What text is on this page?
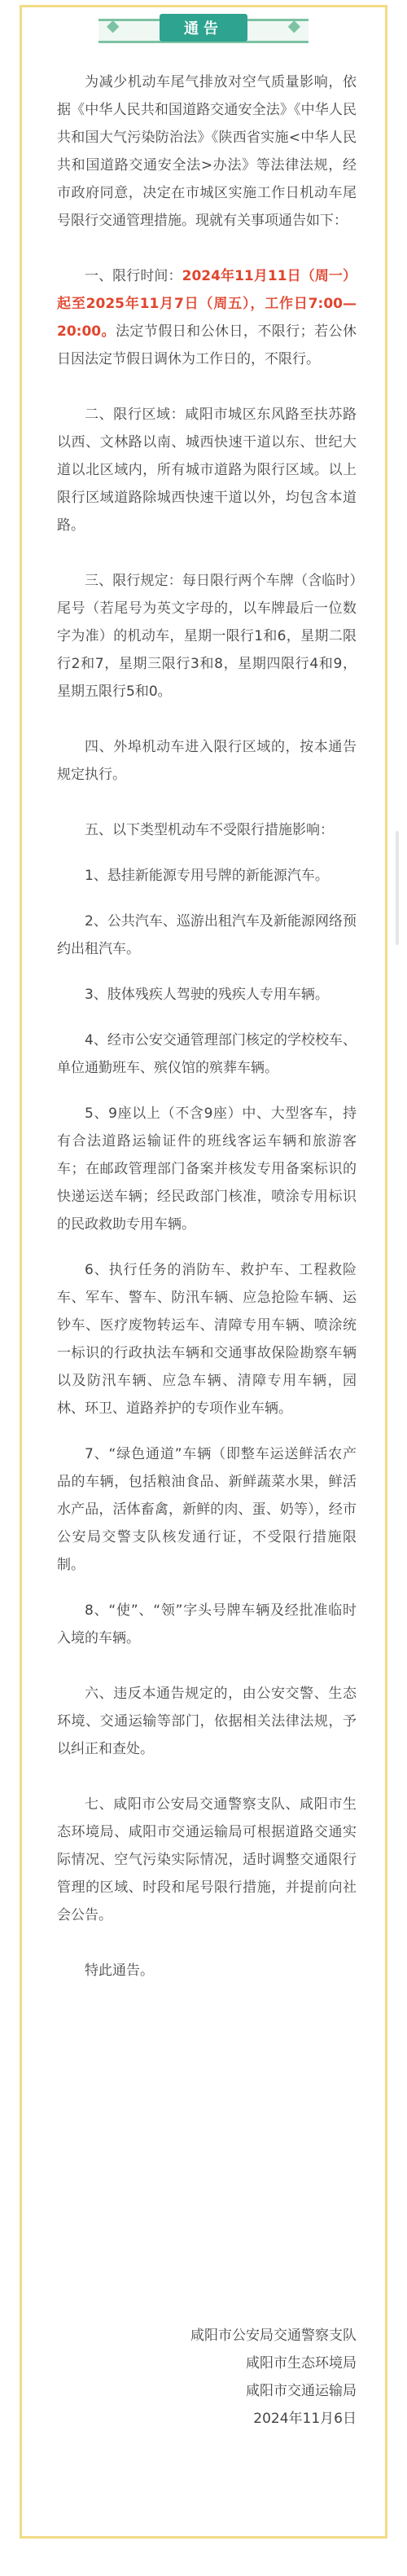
◆	通告	◆

为减少机动车尾气排放对空气质量影响，依据《中华人民共和国道路交通安全法》《中华人民共和国大气污染防治法》《陕西省实施<中华人民共和国道路交通安全法>办法》等法律法规，经市政府同意，决定在市城区实施工作日机动车尾号限行交通管理措施。现就有关事项通告如下：

一、限行时间：2024年11月11日（周一）起至2025年11月7日（周五），工作日7:00—20:00。法定节假日和公休日，不限行；若公休日因法定节假日调休为工作日的，不限行。

二、限行区域：咸阳市城区东风路至扶苏路以西、文林路以南、城西快速干道以东、世纪大道以北区域内，所有城市道路为限行区域。以上限行区域道路除城西快速干道以外，均包含本道路。

三、限行规定：每日限行两个车牌（含临时）尾号（若尾号为英文字母的，以车牌最后一位数字为准）的机动车，星期一限行1和6，星期二限行2和7，星期三限行3和8，星期四限行4和9，星期五限行5和0。

四、外埠机动车进入限行区域的，按本通告规定执行。

五、以下类型机动车不受限行措施影响：

1、悬挂新能源专用号牌的新能源汽车。

2、公共汽车、巡游出租汽车及新能源网络预约出租汽车。

3、肢体残疾人驾驶的残疾人专用车辆。

4、经市公安交通管理部门核定的学校校车、单位通勤班车、殡仪馆的殡葬车辆。

5、9座以上（不含9座）中、大型客车，持有合法道路运输证件的班线客运车辆和旅游客车；在邮政管理部门备案并核发专用备案标识的快递运送车辆；经民政部门核准，喷涂专用标识的民政救助专用车辆。

6、执行任务的消防车、救护车、工程救险车、军车、警车、防汛车辆、应急抢险车辆、运钞车、医疗废物转运车、清障专用车辆、喷涂统一标识的行政执法车辆和交通事故保险勘察车辆以及防汛车辆、应急车辆、清障专用车辆，园林、环卫、道路养护的专项作业车辆。

7、“绿色通道”车辆（即整车运送鲜活农产品的车辆，包括粮油食品、新鲜蔬菜水果，鲜活水产品，活体畜禽，新鲜的肉、蛋、奶等），经市公安局交警支队核发通行证，不受限行措施限制。

8、“使”、“领”字头号牌车辆及经批准临时入境的车辆。

六、违反本通告规定的，由公安交警、生态环境、交通运输等部门，依据相关法律法规，予以纠正和查处。

七、咸阳市公安局交通警察支队、咸阳市生态环境局、咸阳市交通运输局可根据道路交通实际情况、空气污染实际情况，适时调整交通限行管理的区域、时段和尾号限行措施，并提前向社会公告。

特此通告。

咸阳市公安局交通警察支队
咸阳市生态环境局
咸阳市交通运输局
2024年11月6日
